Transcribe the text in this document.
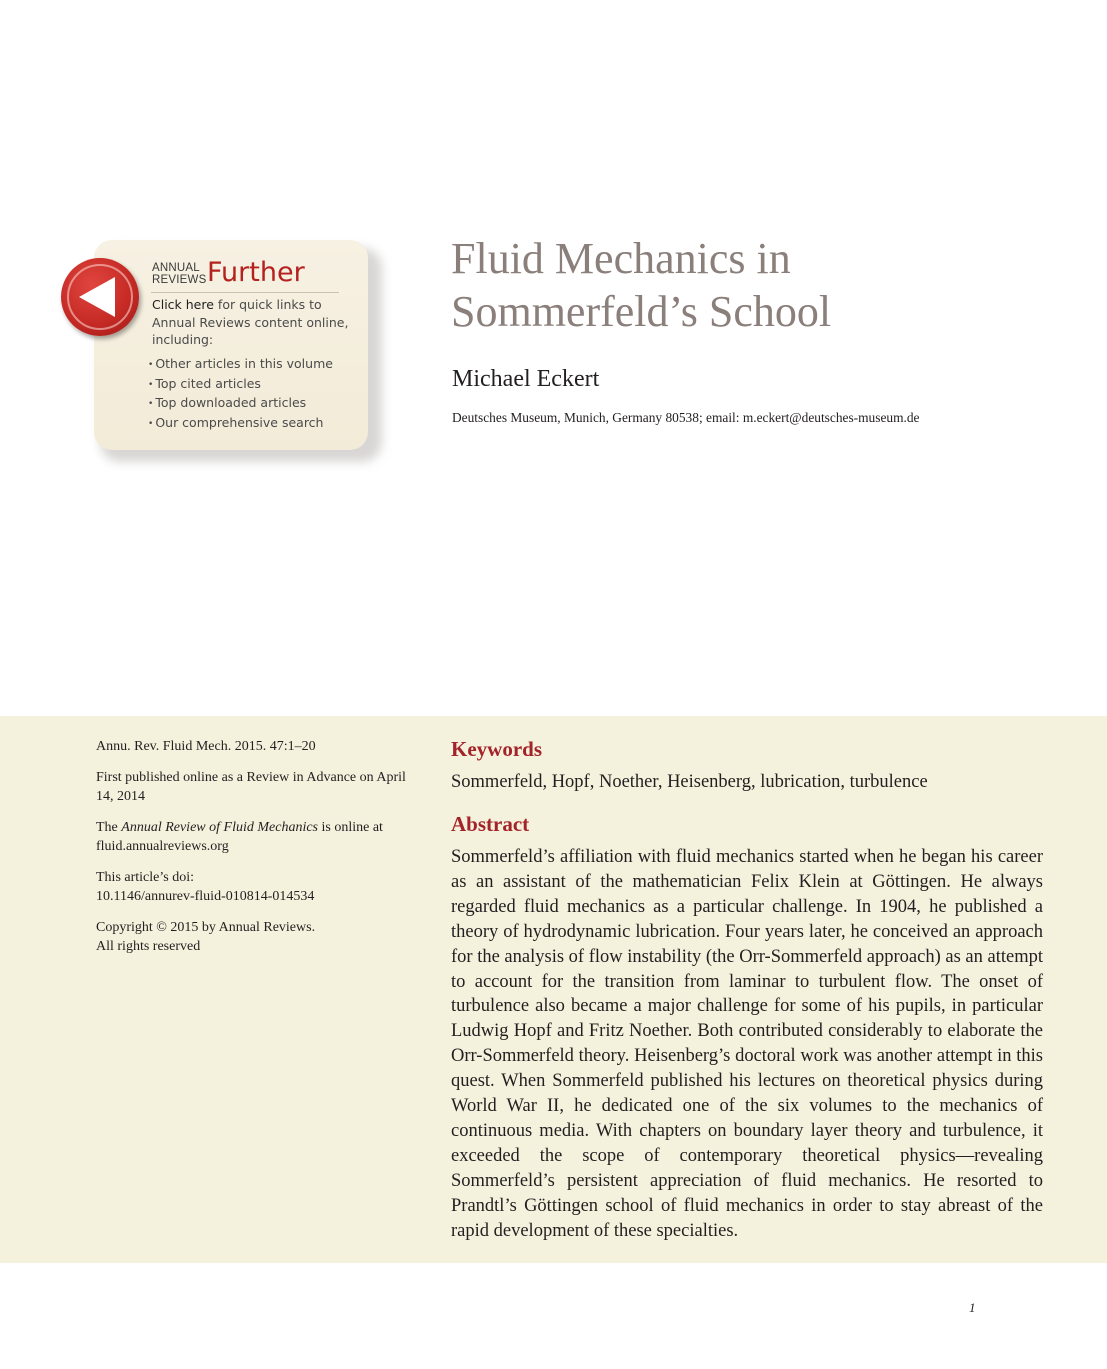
ANNUAL
REVIEWS Further
Click here for quick links to Annual Reviews content online, including:
• Other articles in this volume
• Top cited articles
• Top downloaded articles
• Our comprehensive search
Fluid Mechanics in
Sommerfeld’s School
Michael Eckert
Deutsches Museum, Munich, Germany 80538; email: m.eckert@deutsches-museum.de

Annu. Rev. Fluid Mech. 2015. 47:1–20

First published online as a Review in Advance on April 14, 2014

The Annual Review of Fluid Mechanics is online at fluid.annualreviews.org

This article’s doi:
10.1146/annurev-fluid-010814-014534

Copyright © 2015 by Annual Reviews.
All rights reserved

Keywords
Sommerfeld, Hopf, Noether, Heisenberg, lubrication, turbulence
Abstract

Sommerfeld’s affiliation with fluid mechanics started when he began his career as an assistant of the mathematician Felix Klein at Göttingen. He always regarded fluid mechanics as a particular challenge. In 1904, he published a theory of hydrodynamic lubrication. Four years later, he conceived an approach for the analysis of flow instability (the Orr-Sommerfeld approach) as an attempt to account for the transition from laminar to turbulent flow. The onset of turbulence also became a major challenge for some of his pupils, in particular Ludwig Hopf and Fritz Noether. Both contributed considerably to elaborate the Orr-Sommerfeld theory. Heisenberg’s doctoral work was another attempt in this quest. When Sommerfeld published his lectures on theoretical physics during World War II, he dedicated one of the six volumes to the mechanics of continuous media. With chapters on boundary layer theory and turbulence, it exceeded the scope of contemporary theoretical physics—revealing Sommerfeld’s persistent appreciation of fluid mechanics. He resorted to Prandtl’s Göttingen school of fluid mechanics in order to stay abreast of the rapid development of these specialties.

1
